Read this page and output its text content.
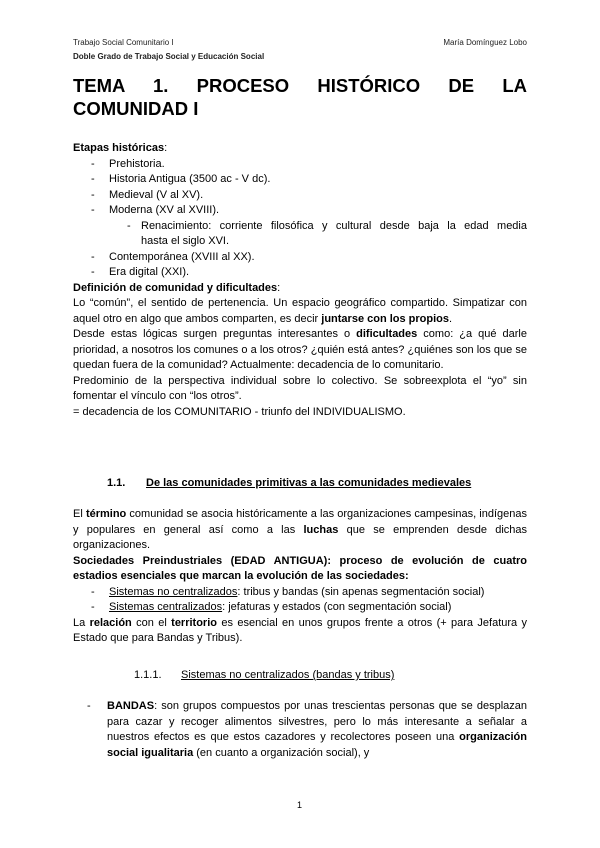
Trabajo Social Comunitario I	María Domínguez Lobo
Doble Grado de Trabajo Social y Educación Social
TEMA 1. PROCESO HISTÓRICO DE LA
COMUNIDAD I
Etapas históricas:
- Prehistoria.
- Historia Antigua (3500 ac - V dc).
- Medieval (V al XV).
- Moderna (XV al XVIII).
- Renacimiento: corriente filosófica y cultural desde baja la edad media
hasta el siglo XVI.
- Contemporánea (XVIII al XX).
- Era digital (XXI).
Definición de comunidad y dificultades:
Lo “común”, el sentido de pertenencia. Un espacio geográfico compartido. Simpatizar con aquel otro en algo que ambos comparten, es decir juntarse con los propios.
Desde estas lógicas surgen preguntas interesantes o dificultades como: ¿a qué darle prioridad, a nosotros los comunes o a los otros? ¿quién está antes? ¿quiénes son los que se quedan fuera de la comunidad? Actualmente: decadencia de lo comunitario.
Predominio de la perspectiva individual sobre lo colectivo. Se sobreexplota el “yo” sin fomentar el vínculo con “los otros”.
= decadencia de los COMUNITARIO - triunfo del INDIVIDUALISMO.
1.1. De las comunidades primitivas a las comunidades medievales
El término comunidad se asocia históricamente a las organizaciones campesinas, indígenas y populares en general así como a las luchas que se emprenden desde dichas organizaciones.
Sociedades Preindustriales (EDAD ANTIGUA): proceso de evolución de cuatro estadios esenciales que marcan la evolución de las sociedades:
- Sistemas no centralizados: tribus y bandas (sin apenas segmentación social)
- Sistemas centralizados: jefaturas y estados (con segmentación social)
La relación con el territorio es esencial en unos grupos frente a otros (+ para Jefatura y Estado que para Bandas y Tribus).
1.1.1. Sistemas no centralizados (bandas y tribus)
- BANDAS: son grupos compuestos por unas trescientas personas que se desplazan para cazar y recoger alimentos silvestres, pero lo más interesante a señalar a nuestros efectos es que estos cazadores y recolectores poseen una organización social igualitaria (en cuanto a organización social), y
1
